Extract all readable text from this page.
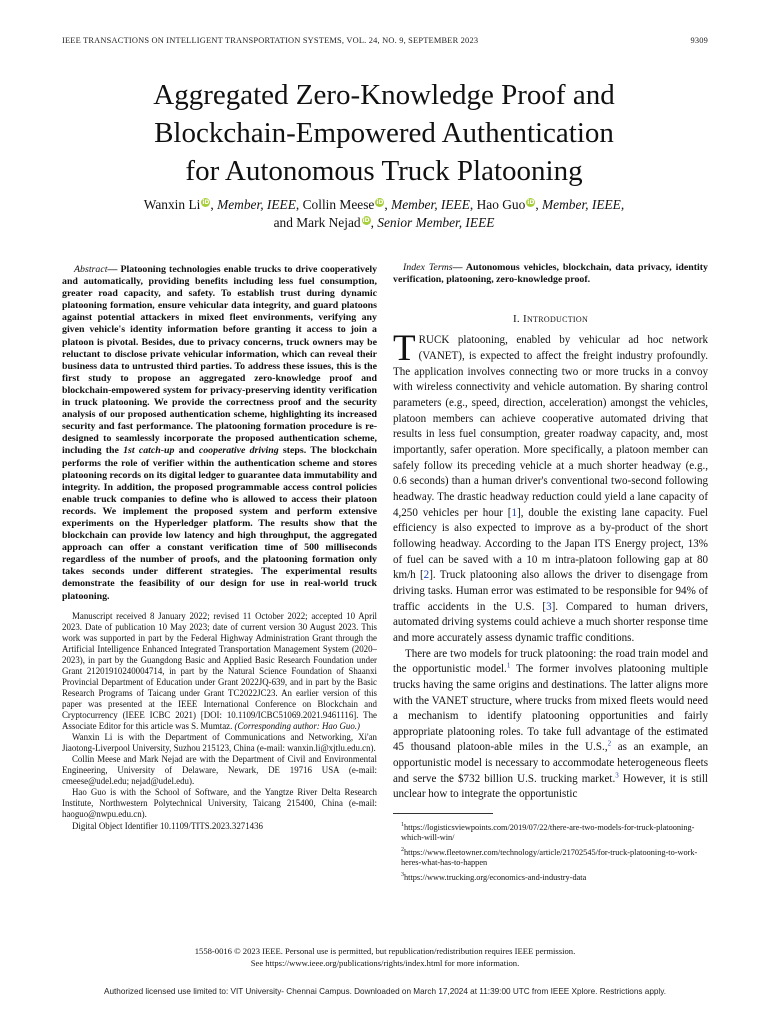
IEEE TRANSACTIONS ON INTELLIGENT TRANSPORTATION SYSTEMS, VOL. 24, NO. 9, SEPTEMBER 2023	9309
Aggregated Zero-Knowledge Proof and
Blockchain-Empowered Authentication
for Autonomous Truck Platooning
Wanxin Li iD, Member, IEEE, Collin Meese iD, Member, IEEE, Hao Guo iD, Member, IEEE,
and Mark Nejad iD, Senior Member, IEEE
Abstract— Platooning technologies enable trucks to drive cooperatively and automatically, providing benefits including less fuel consumption, greater road capacity, and safety. To establish trust during dynamic platooning formation, ensure vehicular data integrity, and guard platoons against potential attackers in mixed fleet environments, verifying any given vehicle's identity information before granting it access to join a platoon is pivotal. Besides, due to privacy concerns, truck owners may be reluctant to disclose private vehicular information, which can reveal their business data to untrusted third parties. To address these issues, this is the first study to propose an aggregated zero-knowledge proof and blockchain-empowered system for privacy-preserving identity verification in truck platooning. We provide the correctness proof and the security analysis of our proposed authentication scheme, highlighting its increased security and fast performance. The platooning formation procedure is re-designed to seamlessly incorporate the proposed authentication scheme, including the 1st catch-up and cooperative driving steps. The blockchain performs the role of verifier within the authentication scheme and stores platooning records on its digital ledger to guarantee data immutability and integrity. In addition, the proposed programmable access control policies enable truck companies to define who is allowed to access their platoon records. We implement the proposed system and perform extensive experiments on the Hyperledger platform. The results show that the blockchain can provide low latency and high throughput, the aggregated approach can offer a constant verification time of 500 milliseconds regardless of the number of proofs, and the platooning formation only takes seconds under different strategies. The experimental results demonstrate the feasibility of our design for use in real-world truck platooning.

Manuscript received 8 January 2022; revised 11 October 2022; accepted 10 April 2023. Date of publication 10 May 2023; date of current version 30 August 2023. This work was supported in part by the Federal Highway Administration Grant through the Artificial Intelligence Enhanced Integrated Transportation Management System (2020–2023), in part by the Guangdong Basic and Applied Basic Research Foundation under Grant 2120191024000471​4, in part by the Natural Science Foundation of Shaanxi Provincial Department of Education under Grant 2022JQ-639, and in part by the Basic Research Programs of Taicang under Grant TC2022JC23. An earlier version of this paper was presented at the IEEE International Conference on Blockchain and Cryptocurrency (IEEE ICBC 2021) [DOI: 10.1109/ICBC51069.2021.9461116]. The Associate Editor for this article was S. Mumtaz. (Corresponding author: Hao Guo.)

Wanxin Li is with the Department of Communications and Networking, Xi'an Jiaotong-Liverpool University, Suzhou 215123, China (e-mail: wanxin.li@xjtlu.edu.cn).

Collin Meese and Mark Nejad are with the Department of Civil and Environmental Engineering, University of Delaware, Newark, DE 19716 USA (e-mail: cmeese@udel.edu; nejad@udel.edu).

Hao Guo is with the School of Software, and the Yangtze River Delta Research Institute, Northwestern Polytechnical University, Taicang 215400, China (e-mail: haoguo@nwpu.edu.cn).

Digital Object Identifier 10.1109/TITS.2023.3271436

Index Terms— Autonomous vehicles, blockchain, data privacy, identity verification, platooning, zero-knowledge proof.
I. Introduction

TRUCK platooning, enabled by vehicular ad hoc network (VANET), is expected to affect the freight industry profoundly. The application involves connecting two or more trucks in a convoy with wireless connectivity and vehicle automation. By sharing control parameters (e.g., speed, direction, acceleration) amongst the vehicles, platoon members can achieve cooperative automated driving that results in less fuel consumption, greater roadway capacity, and, most importantly, safer operation. More specifically, a platoon member can safely follow its preceding vehicle at a much shorter headway (e.g., 0.6 seconds) than a human driver's conventional two-second following headway. The drastic headway reduction could yield a lane capacity of 4,250 vehicles per hour [1], double the existing lane capacity. Fuel efficiency is also expected to improve as a by-product of the short following headway. According to the Japan ITS Energy project, 13% of fuel can be saved with a 10 m intra-platoon following gap at 80 km/h [2]. Truck platooning also allows the driver to disengage from driving tasks. Human error was estimated to be responsible for 94% of traffic accidents in the U.S. [3]. Compared to human drivers, automated driving systems could achieve a much shorter response time and more accurately assess dynamic traffic conditions.

There are two models for truck platooning: the road train model and the opportunistic model.$^1$ The former involves platooning multiple trucks having the same origins and destinations. The latter aligns more with the VANET structure, where trucks from mixed fleets would need a mechanism to identify platooning opportunities and fairly appropriate platooning roles. To take full advantage of the estimated 45 thousand platoon-able miles in the U.S.,$^2$ as an example, an opportunistic model is necessary to accommodate heterogeneous fleets and serve the $732 billion U.S. trucking market.$^3$ However, it is still unclear how to integrate the opportunistic

$^1$https://logisticsviewpoints.com/2019/07/22/there-are-two-models-for-truck-platooning-which-will-win/

$^2$https://www.fleetowner.com/technology/article/21702545/for-truck-platooning-to-work-heres-what-has-to-happen

$^3$https://www.trucking.org/economics-and-industry-data

1558-0016 © 2023 IEEE. Personal use is permitted, but republication/redistribution requires IEEE permission.
See https://www.ieee.org/publications/rights/index.html for more information.
Authorized licensed use limited to: VIT University- Chennai Campus. Downloaded on March 17,2024 at 11:39:00 UTC from IEEE Xplore. Restrictions apply.
